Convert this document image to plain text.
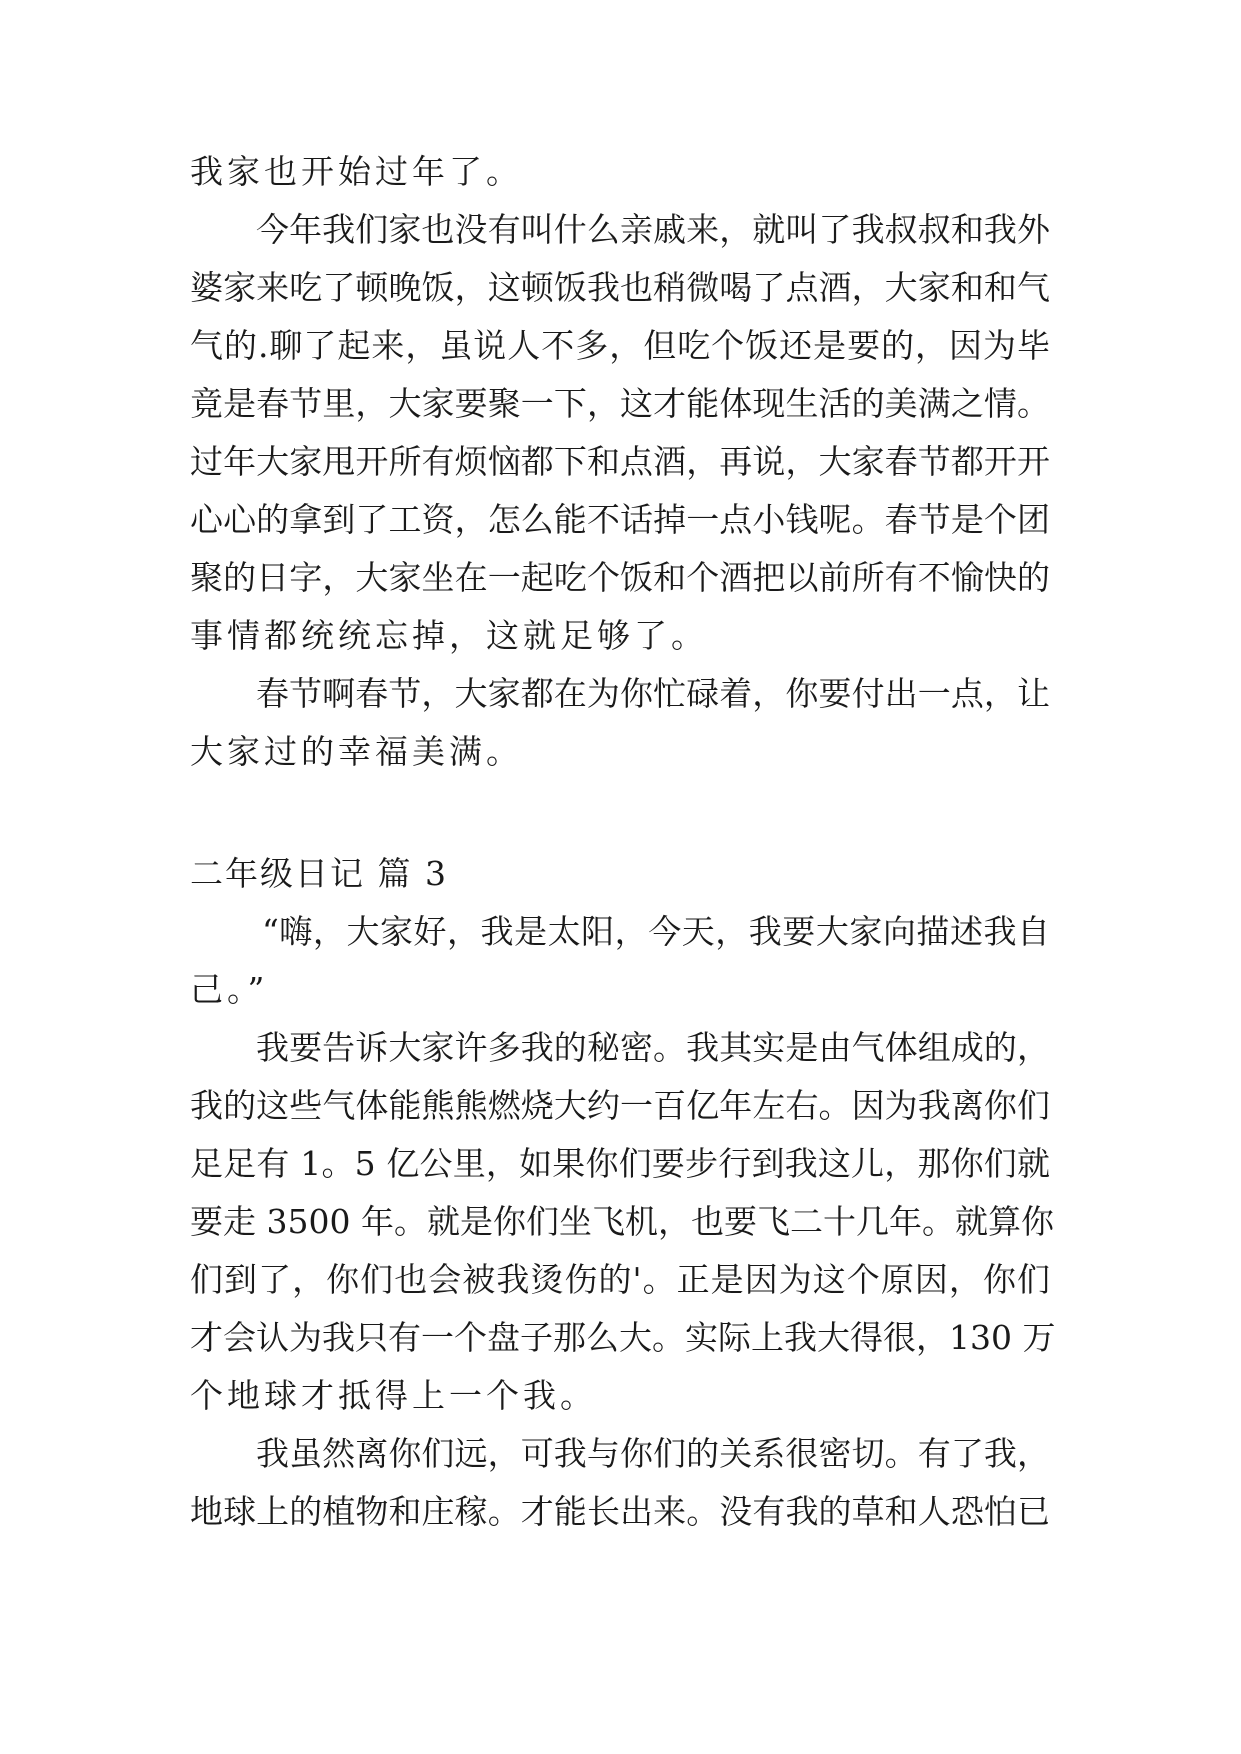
我家也开始过年了。
今年我们家也没有叫什么亲戚来，就叫了我叔叔和我外
婆家来吃了顿晚饭，这顿饭我也稍微喝了点酒，大家和和气
气的.聊了起来，虽说人不多，但吃个饭还是要的，因为毕
竟是春节里，大家要聚一下，这才能体现生活的美满之情。
过年大家甩开所有烦恼都下和点酒，再说，大家春节都开开
心心的拿到了工资，怎么能不话掉一点小钱呢。春节是个团
聚的日字，大家坐在一起吃个饭和个酒把以前所有不愉快的
事情都统统忘掉，这就足够了。
春节啊春节，大家都在为你忙碌着，你要付出一点，让
大家过的幸福美满。
二年级日记 篇 3
“嗨，大家好，我是太阳，今天，我要大家向描述我自
己。”
我要告诉大家许多我的秘密。我其实是由气体组成的，
我的这些气体能熊熊燃烧大约一百亿年左右。因为我离你们
足足有 1。5 亿公里，如果你们要步行到我这儿，那你们就
要走 3500 年。就是你们坐飞机，也要飞二十几年。就算你
们到了，你们也会被我烫伤的'。正是因为这个原因，你们
才会认为我只有一个盘子那么大。实际上我大得很，130 万
个地球才抵得上一个我。
我虽然离你们远，可我与你们的关系很密切。有了我，
地球上的植物和庄稼。才能长出来。没有我的草和人恐怕已
